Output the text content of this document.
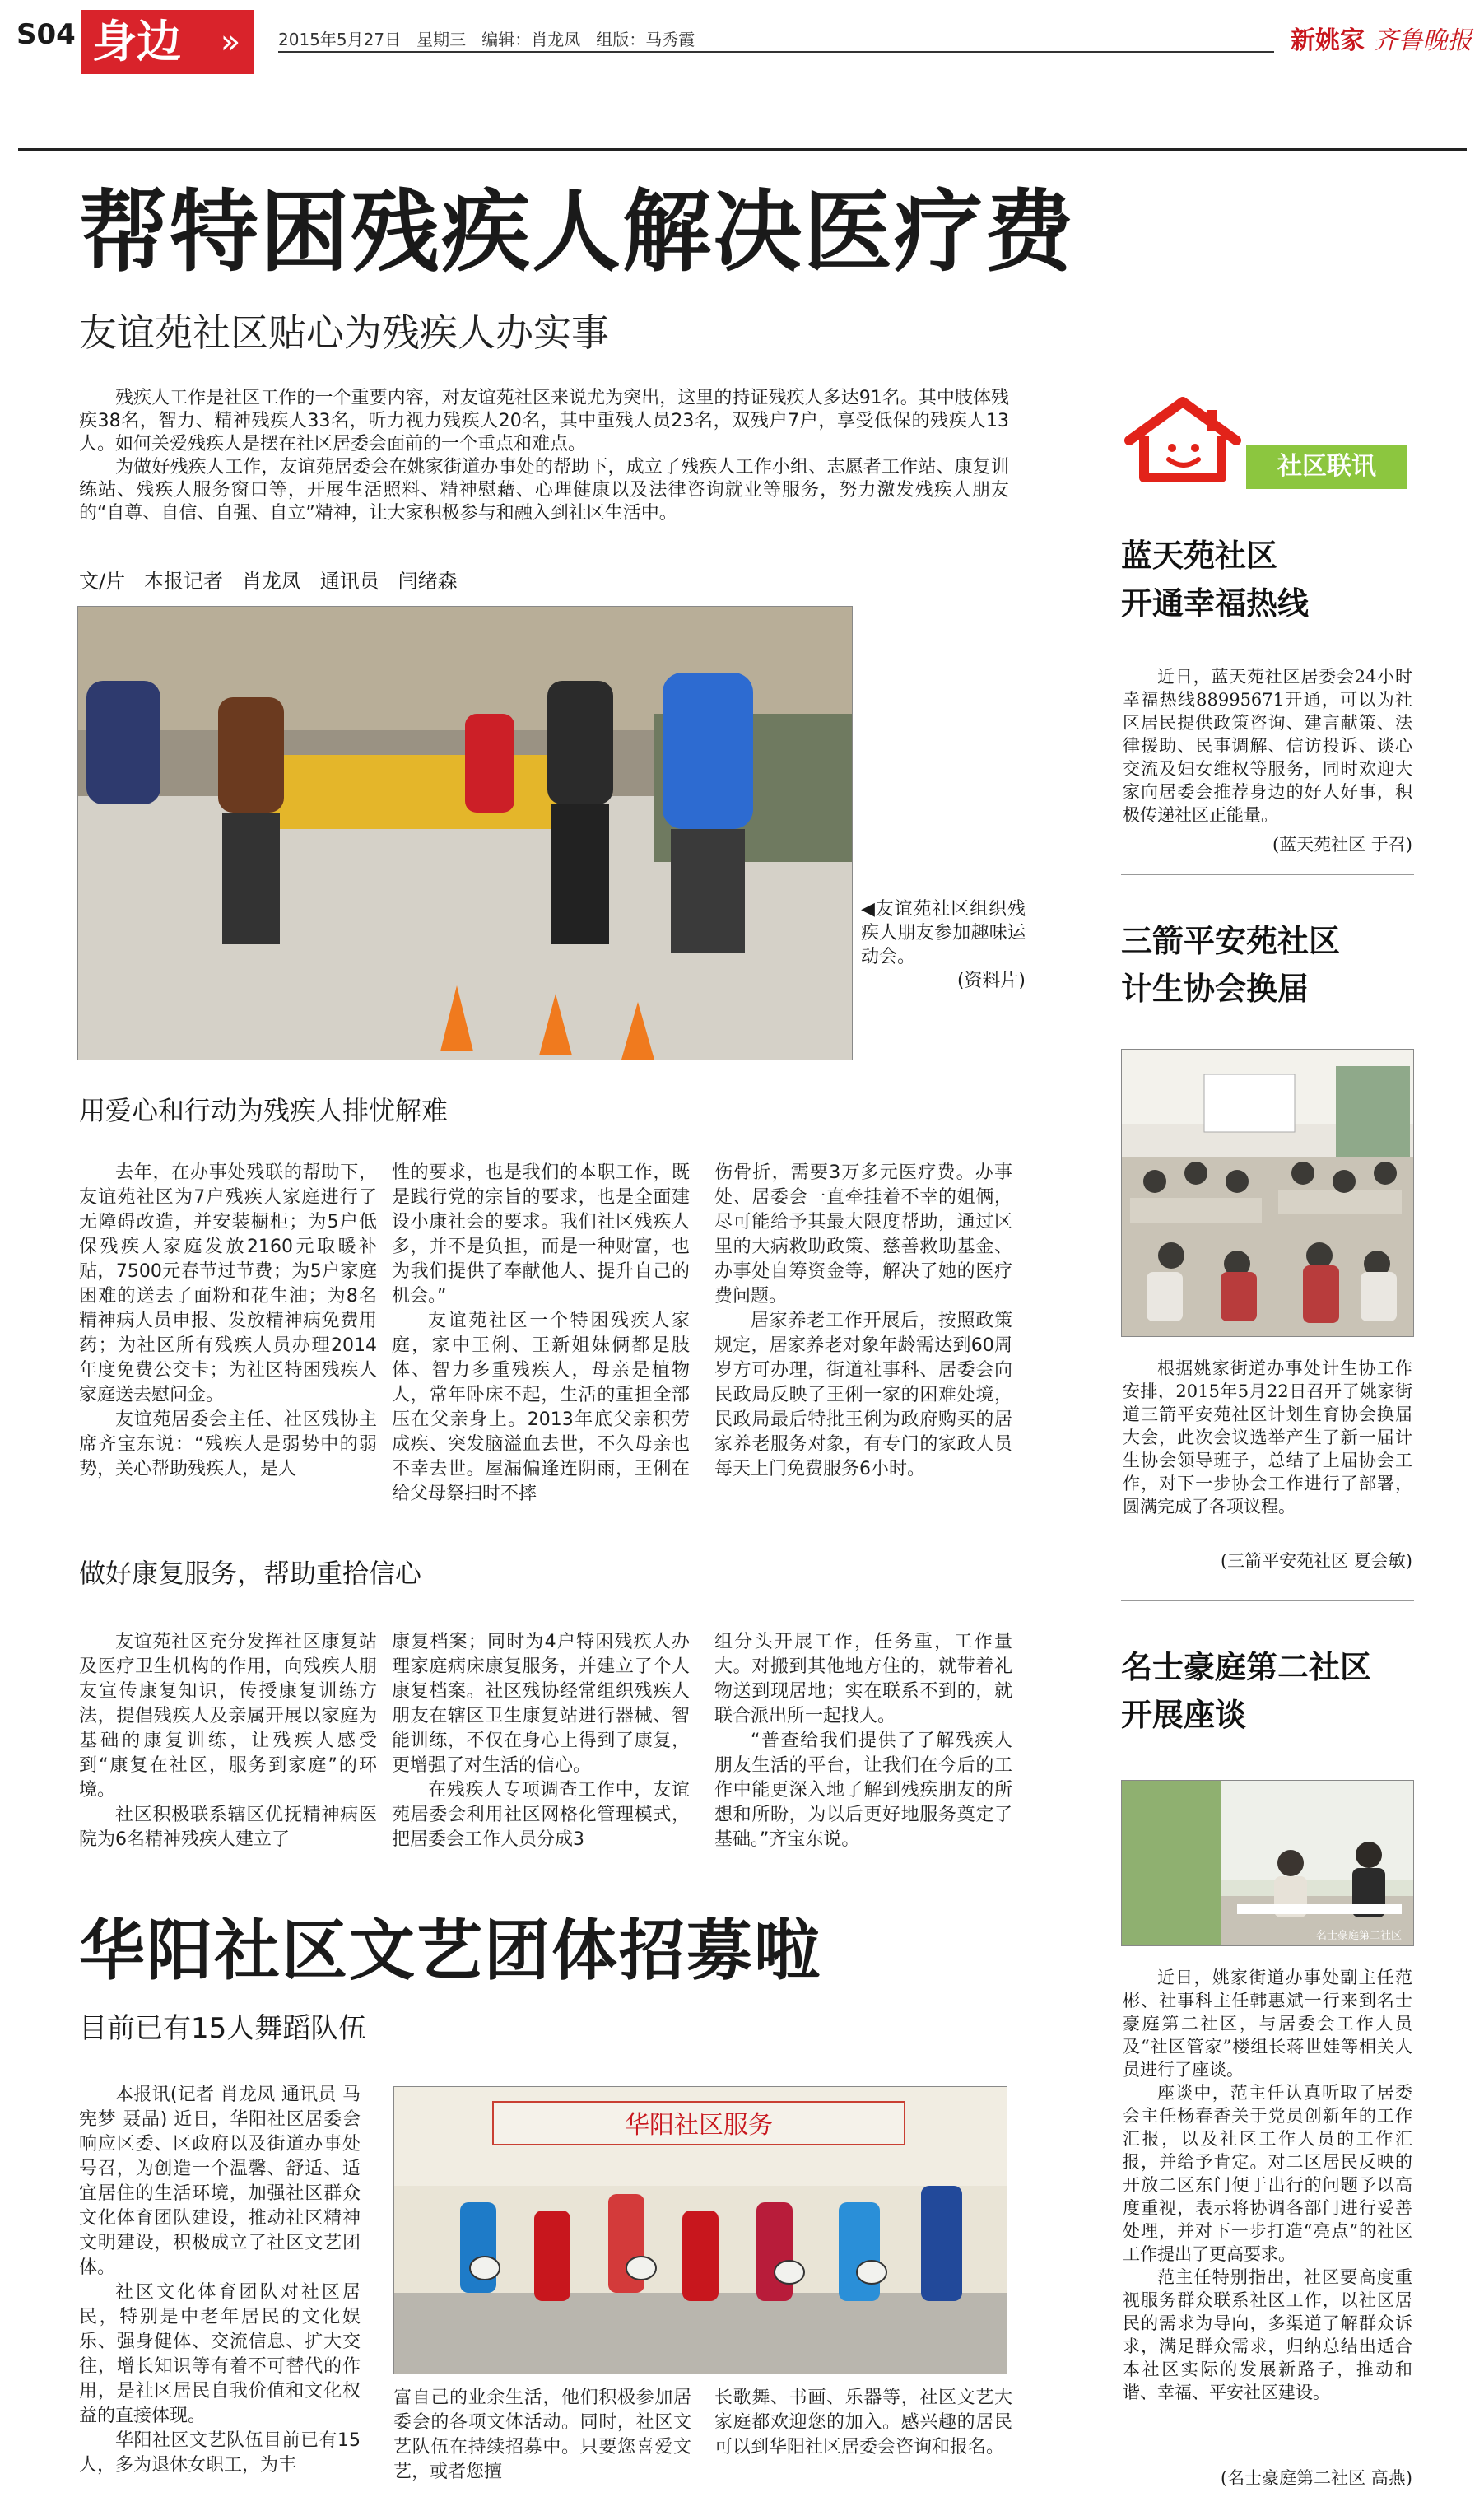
S04 身边	»	2015年5月27日   星期三   编辑：肖龙凤   组版：马秀霞	新姚家 齐鲁晚报
帮特困残疾人解决医疗费
友谊苑社区贴心为残疾人办实事

残疾人工作是社区工作的一个重要内容，对友谊苑社区来说尤为突出，这里的持证残疾人多达91名。其中肢体残疾38名，智力、精神残疾人33名，听力视力残疾人20名，其中重残人员23名，双残户7户，享受低保的残疾人13人。如何关爱残疾人是摆在社区居委会面前的一个重点和难点。

为做好残疾人工作，友谊苑居委会在姚家街道办事处的帮助下，成立了残疾人工作小组、志愿者工作站、康复训练站、残疾人服务窗口等，开展生活照料、精神慰藉、心理健康以及法律咨询就业等服务，努力激发残疾人朋友的“自尊、自信、自强、自立”精神，让大家积极参与和融入到社区生活中。

文/片   本报记者   肖龙凤   通讯员   闫绪森
◀友谊苑社区组织残疾人朋友参加趣味运动会。
(资料片)
用爱心和行动为残疾人排忧解难

去年，在办事处残联的帮助下，友谊苑社区为7户残疾人家庭进行了无障碍改造，并安装橱柜；为5户低保残疾人家庭发放2160元取暖补贴，7500元春节过节费；为5户家庭困难的送去了面粉和花生油；为8名精神病人员申报、发放精神病免费用药；为社区所有残疾人员办理2014年度免费公交卡；为社区特困残疾人家庭送去慰问金。

友谊苑居委会主任、社区残协主席齐宝东说：“残疾人是弱势中的弱势，关心帮助残疾人，是人

性的要求，也是我们的本职工作，既是践行党的宗旨的要求，也是全面建设小康社会的要求。我们社区残疾人多，并不是负担，而是一种财富，也为我们提供了奉献他人、提升自己的机会。”

友谊苑社区一个特困残疾人家庭，家中王俐、王新姐妹俩都是肢体、智力多重残疾人，母亲是植物人，常年卧床不起，生活的重担全部压在父亲身上。2013年底父亲积劳成疾、突发脑溢血去世，不久母亲也不幸去世。屋漏偏逢连阴雨，王俐在给父母祭扫时不摔

伤骨折，需要3万多元医疗费。办事处、居委会一直牵挂着不幸的姐俩，尽可能给予其最大限度帮助，通过区里的大病救助政策、慈善救助基金、办事处自筹资金等，解决了她的医疗费问题。

居家养老工作开展后，按照政策规定，居家养老对象年龄需达到60周岁方可办理，街道社事科、居委会向民政局反映了王俐一家的困难处境，民政局最后特批王俐为政府购买的居家养老服务对象，有专门的家政人员每天上门免费服务6小时。

做好康复服务，帮助重拾信心

友谊苑社区充分发挥社区康复站及医疗卫生机构的作用，向残疾人朋友宣传康复知识，传授康复训练方法，提倡残疾人及亲属开展以家庭为基础的康复训练，让残疾人感受到“康复在社区，服务到家庭”的环境。

社区积极联系辖区优抚精神病医院为6名精神残疾人建立了

康复档案；同时为4户特困残疾人办理家庭病床康复服务，并建立了个人康复档案。社区残协经常组织残疾人朋友在辖区卫生康复站进行器械、智能训练，不仅在身心上得到了康复，更增强了对生活的信心。

在残疾人专项调查工作中，友谊苑居委会利用社区网格化管理模式，把居委会工作人员分成3

组分头开展工作，任务重，工作量大。对搬到其他地方住的，就带着礼物送到现居地；实在联系不到的，就联合派出所一起找人。

“普查给我们提供了了解残疾人朋友生活的平台，让我们在今后的工作中能更深入地了解到残疾朋友的所想和所盼，为以后更好地服务奠定了基础。”齐宝东说。

华阳社区文艺团体招募啦
目前已有15人舞蹈队伍

本报讯(记者 肖龙凤 通讯员 马宪梦 聂晶) 近日，华阳社区居委会响应区委、区政府以及街道办事处号召，为创造一个温馨、舒适、适宜居住的生活环境，加强社区群众文化体育团队建设，推动社区精神文明建设，积极成立了社区文艺团体。

社区文化体育团队对社区居民，特别是中老年居民的文化娱乐、强身健体、交流信息、扩大交往，增长知识等有着不可替代的作用，是社区居民自我价值和文化权益的直接体现。

华阳社区文艺队伍目前已有15人，多为退休女职工，为丰

华阳社区服务

富自己的业余生活，他们积极参加居委会的各项文体活动。同时，社区文艺队伍在持续招募中。只要您喜爱文艺，或者您擅

长歌舞、书画、乐器等，社区文艺大家庭都欢迎您的加入。感兴趣的居民可以到华阳社区居委会咨询和报名。

社区联讯
蓝天苑社区
开通幸福热线

近日，蓝天苑社区居委会24小时幸福热线88995671开通，可以为社区居民提供政策咨询、建言献策、法律援助、民事调解、信访投诉、谈心交流及妇女维权等服务，同时欢迎大家向居委会推荐身边的好人好事，积极传递社区正能量。

(蓝天苑社区 于召)
三箭平安苑社区
计生协会换届

根据姚家街道办事处计生协工作安排，2015年5月22日召开了姚家街道三箭平安苑社区计划生育协会换届大会，此次会议选举产生了新一届计生协会领导班子，总结了上届协会工作，对下一步协会工作进行了部署，圆满完成了各项议程。

(三箭平安苑社区 夏会敏)
名士豪庭第二社区
开展座谈
名士豪庭第二社区

近日，姚家街道办事处副主任范彬、社事科主任韩惠斌一行来到名士豪庭第二社区，与居委会工作人员及“社区管家”楼组长蒋世娃等相关人员进行了座谈。

座谈中，范主任认真听取了居委会主任杨春香关于党员创新年的工作汇报，以及社区工作人员的工作汇报，并给予肯定。对二区居民反映的开放二区东门便于出行的问题予以高度重视，表示将协调各部门进行妥善处理，并对下一步打造“亮点”的社区工作提出了更高要求。

范主任特别指出，社区要高度重视服务群众联系社区工作，以社区居民的需求为导向，多渠道了解群众诉求，满足群众需求，归纳总结出适合本社区实际的发展新路子，推动和谐、幸福、平安社区建设。

(名士豪庭第二社区 高燕)
